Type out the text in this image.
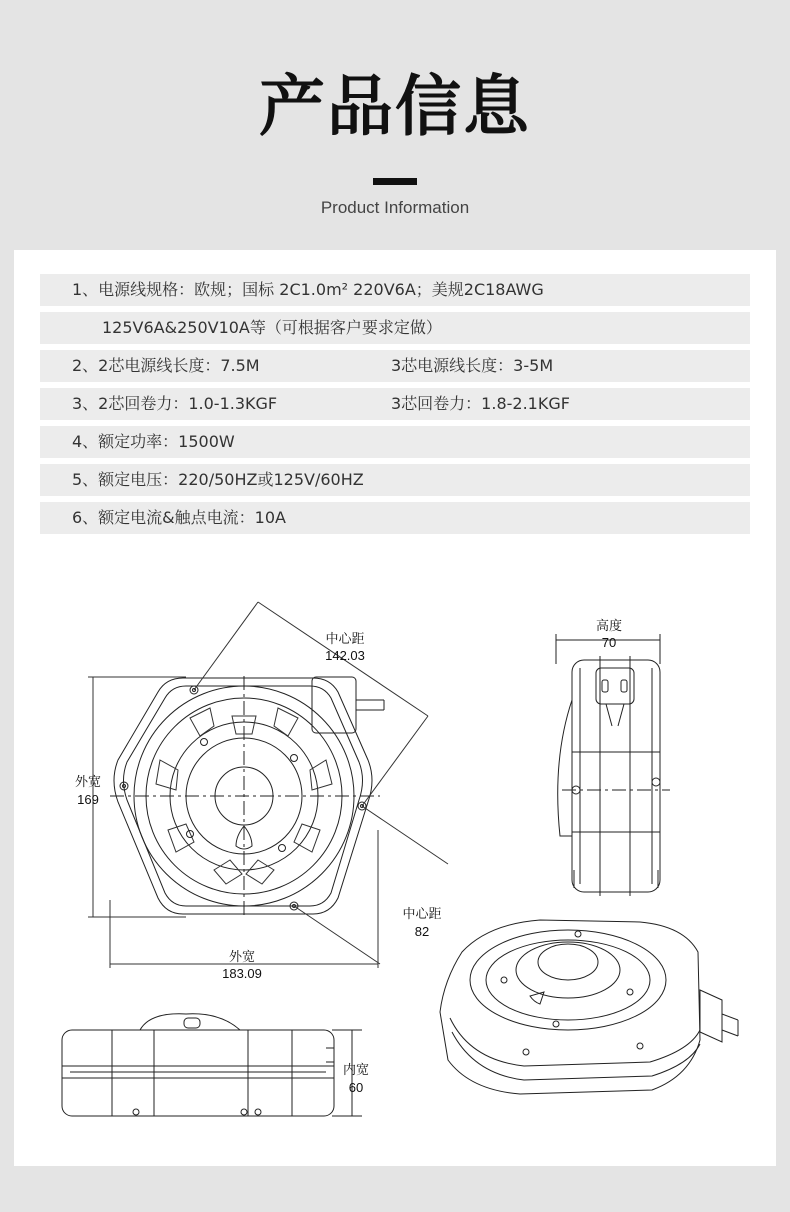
产品信息
Product Information
1、电源线规格：欧规；国标 2C1.0m² 220V6A；美规2C18AWG
125V6A&250V10A等（可根据客户要求定做）
2、2芯电源线长度：7.5M	3芯电源线长度：3-5M
3、2芯回卷力：1.0-1.3KGF	3芯回卷力：1.8-2.1KGF
4、额定功率：1500W
5、额定电压：220/50HZ或125V/60HZ
6、额定电流&触点电流：10A
中心距
142.03
外宽
169
外宽
183.09
中心距
82
高度
70
内宽
60
